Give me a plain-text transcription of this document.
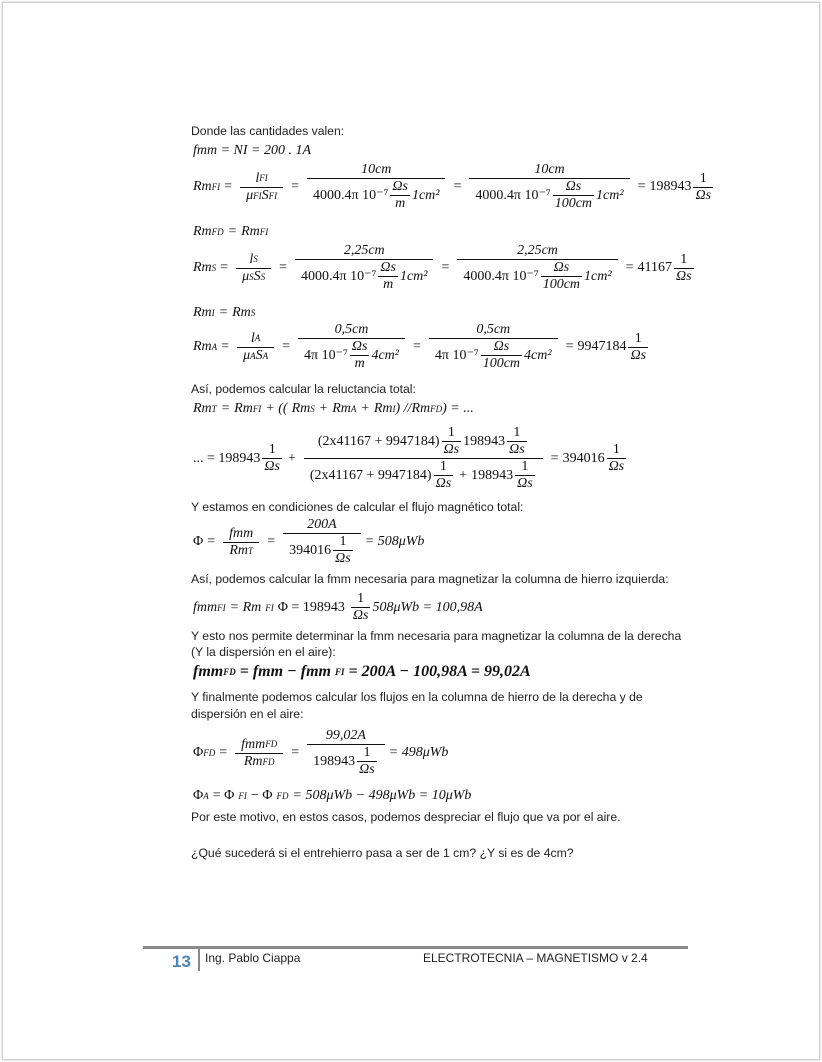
Donde las cantidades valen:
fmm = NI = 200 . 1A
Rm FI =
l FI
μ FI S FI
=
10cm
4000.4π 10⁻⁷
Ωs
m
1cm²
= 10cm
4000.4π 10⁻⁷
Ωs
100cm
1cm² = 198943
1
Ωs
Rm FD = Rm FI
Rm S =
l S
μ S S S
=
2,25cm
4000.4π 10⁻⁷
Ωs
m
1cm²
= 2,25cm
4000.4π 10⁻⁷
Ωs
100cm
1cm² = 41167
1
Ωs
Rm I = Rm S
Rm A =
l A
μ A S A
=
0,5cm
4π 10⁻⁷
Ωs
m
4cm²
= 0,5cm
4π 10⁻⁷
Ωs
100cm
4cm² = 9947184
1
Ωs
Así, podemos calcular la reluctancia total:
Rm T = Rm FI + (( Rm S + Rm A + Rm I ) // Rm FD ) = ...
... = 198943
1
Ωs
+ (2x41167 + 9947184)
1
Ωs
198943
1
Ωs
(2x41167 + 9947184)
1
Ωs
+ 198943
1
Ωs = 394016
1
Ωs
Y estamos en condiciones de calcular el flujo magnético total:
Φ =
fmm
Rm T
= 200A
394016
1
Ωs = 508μWb
Así, podemos calcular la fmm necesaria para magnetizar la columna de hierro izquierda:
fmm FI = Rm FI Φ = 198943
1
Ωs
508μWb = 100,98A
Y esto nos permite determinar la fmm necesaria para magnetizar la columna de la derecha
(Y la dispersión en el aire):
fmm FD = fmm − fmm FI = 200A − 100,98A = 99,02A
Y finalmente podemos calcular los flujos en la columna de hierro de la derecha y de
dispersión en el aire:
Φ FD =
fmm FD
Rm FD
= 99,02A
198943
1
Ωs = 498μWb
Φ A = Φ FI − Φ FD = 508μWb − 498μWb = 10μWb
Por este motivo, en estos casos, podemos despreciar el flujo que va por el aire.
¿Qué sucederá si el entrehierro pasa a ser de 1 cm? ¿Y si es de 4cm?
13 Ing. Pablo Ciappa	ELECTROTECNIA – MAGNETISMO v 2.4
